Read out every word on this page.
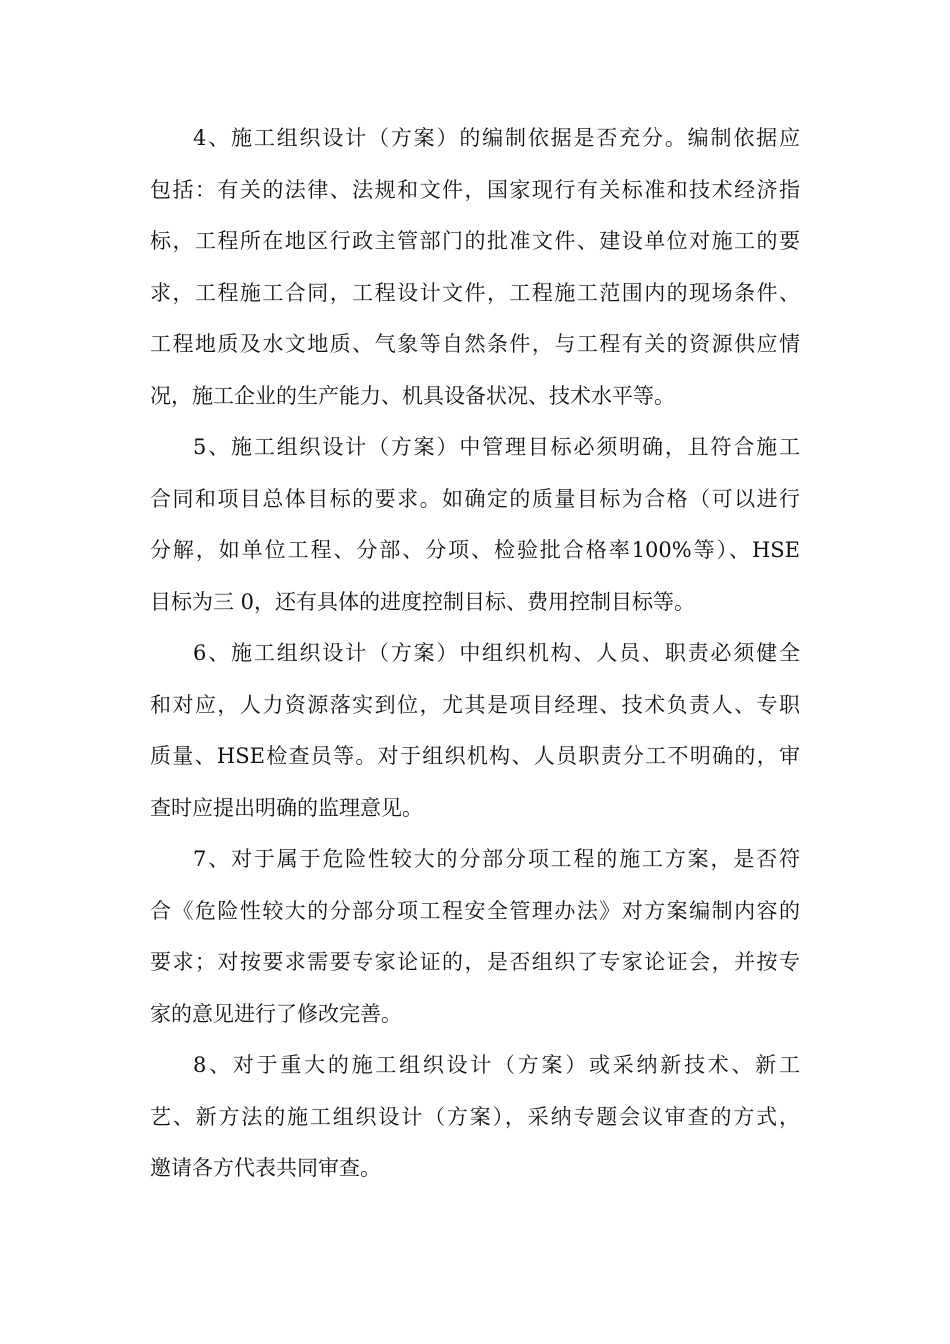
4、施工组织设计（方案）的编制依据是否充分。编制依据应
包括：有关的法律、法规和文件，国家现行有关标准和技术经济指
标，工程所在地区行政主管部门的批准文件、建设单位对施工的要
求，工程施工合同，工程设计文件，工程施工范围内的现场条件、
工程地质及水文地质、气象等自然条件，与工程有关的资源供应情
况，施工企业的生产能力、机具设备状况、技术水平等。
5、施工组织设计（方案）中管理目标必须明确，且符合施工
合同和项目总体目标的要求。如确定的质量目标为合格（可以进行
分解，如单位工程、分部、分项、检验批合格率100%等）、HSE
目标为三 0，还有具体的进度控制目标、费用控制目标等。
6、施工组织设计（方案）中组织机构、人员、职责必须健全
和对应，人力资源落实到位，尤其是项目经理、技术负责人、专职
质量、HSE检查员等。对于组织机构、人员职责分工不明确的，审
查时应提出明确的监理意见。
7、对于属于危险性较大的分部分项工程的施工方案，是否符
合《危险性较大的分部分项工程安全管理办法》对方案编制内容的
要求；对按要求需要专家论证的，是否组织了专家论证会，并按专
家的意见进行了修改完善。
8、对于重大的施工组织设计（方案）或采纳新技术、新工
艺、新方法的施工组织设计（方案），采纳专题会议审查的方式，
邀请各方代表共同审查。
